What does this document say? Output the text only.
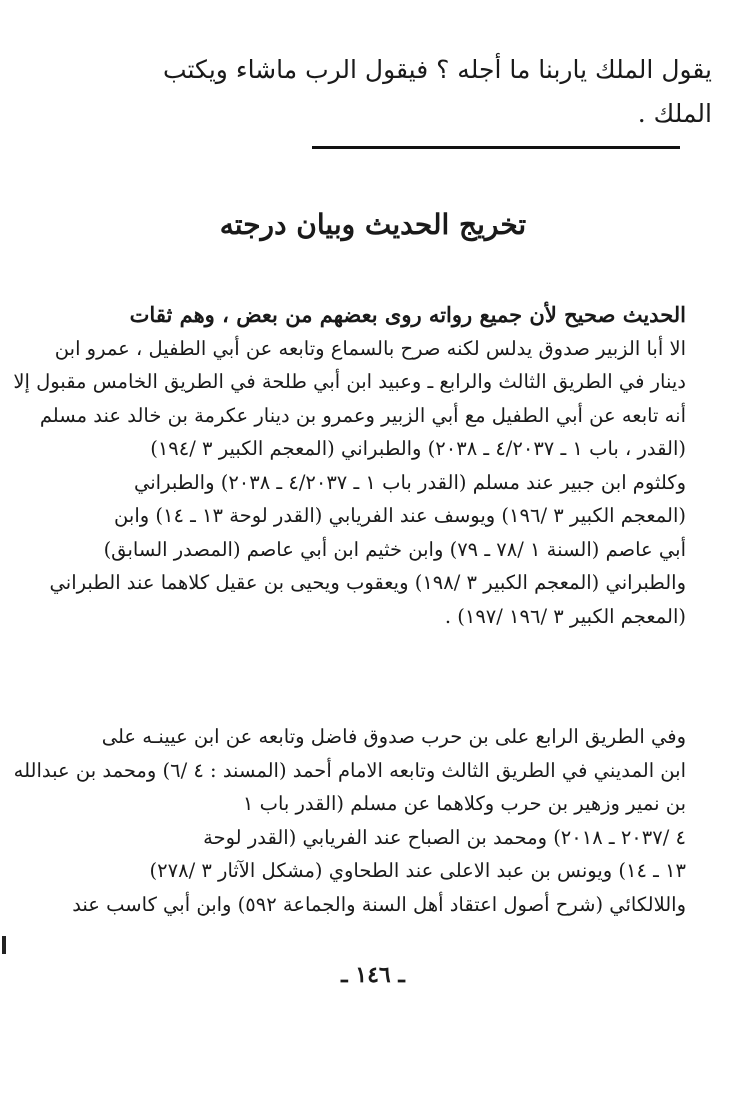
يقول الملك ياربنا ما أجله ؟ فيقول الرب ماشاء ويكتب
الملك .
تخريج الحديث وبيان درجته
الحديث صحيح لأن جميع رواته روى بعضهم من بعض ، وهم ثقات
الا أبا الزبير صدوق يدلس لكنه صرح بالسماع وتابعه عن أبي الطفيل ، عمرو ابن
دينار في الطريق الثالث والرابع ـ وعبيد ابن أبي طلحة في الطريق الخامس مقبول إلا
أنه تابعه عن أبي الطفيل مع أبي الزبير وعمرو بن دينار عكرمة بن خالد عند مسلم
(القدر ، باب ١ ـ ٤/٢٠٣٧ ـ ٢٠٣٨) والطبراني (المعجم الكبير ٣ /١٩٤)
وكلثوم ابن جبير عند مسلم (القدر باب ١ ـ ٤/٢٠٣٧ ـ ٢٠٣٨) والطبراني
(المعجم الكبير ٣ /١٩٦) ويوسف عند الفريابي (القدر لوحة ١٣ ـ ١٤) وابن
أبي عاصم (السنة ١ /٧٨ ـ ٧٩) وابن خثيم ابن أبي عاصم (المصدر السابق)
والطبراني (المعجم الكبير ٣ /١٩٨) ويعقوب ويحيى بن عقيل كلاهما عند الطبراني
(المعجم الكبير ٣ /١٩٦ /١٩٧) .
وفي الطريق الرابع على بن حرب صدوق فاضل وتابعه عن ابن عيينـه على
ابن المديني في الطريق الثالث وتابعه الامام أحمد (المسند : ٤ /٦) ومحمد بن عبدالله
بن نمير وزهير بن حرب وكلاهما عن مسلم (القدر باب ١
٤ /٢٠٣٧ ـ ٢٠١٨) ومحمد بن الصباح عند الفريابي (القدر لوحة
١٣ ـ ١٤) ويونس بن عبد الاعلى عند الطحاوي (مشكل الآثار ٣ /٢٧٨)
واللالكائي (شرح أصول اعتقاد أهل السنة والجماعة ٥٩٢) وابن أبي كاسب عند
ـ ١٤٦ ـ
